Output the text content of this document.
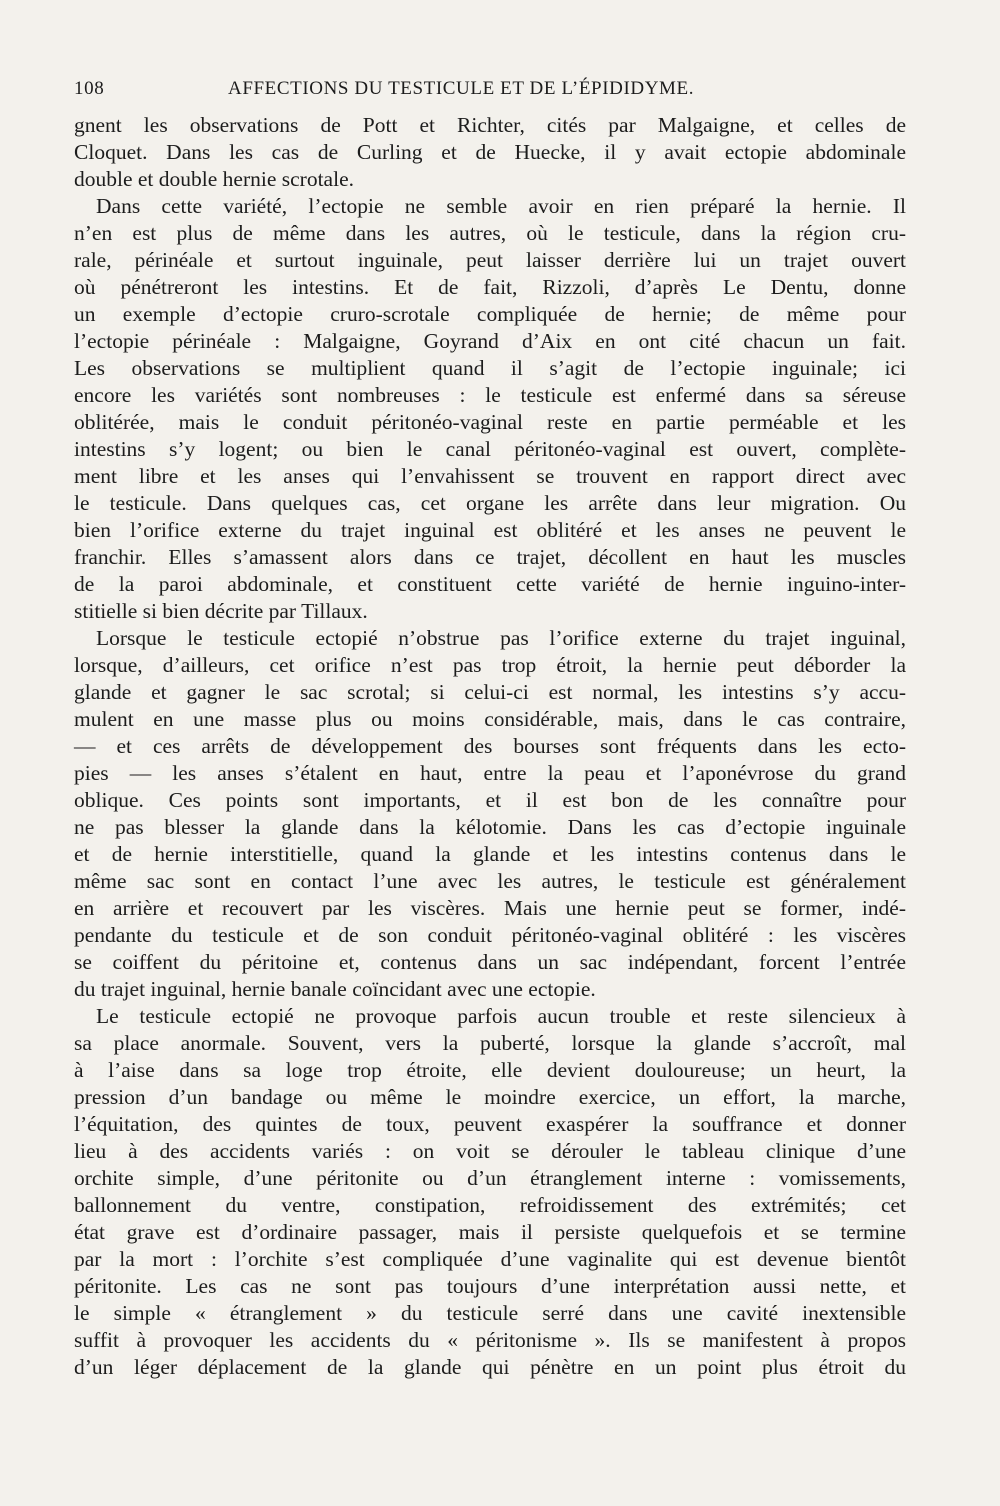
108	AFFECTIONS DU TESTICULE ET DE L’ÉPIDIDYME.
gnent les observations de Pott et Richter, cités par Malgaigne, et celles de
Cloquet. Dans les cas de Curling et de Huecke, il y avait ectopie abdominale
double et double hernie scrotale.
Dans cette variété, l’ectopie ne semble avoir en rien préparé la hernie. Il
n’en est plus de même dans les autres, où le testicule, dans la région cru-
rale, périnéale et surtout inguinale, peut laisser derrière lui un trajet ouvert
où pénétreront les intestins. Et de fait, Rizzoli, d’après Le Dentu, donne
un exemple d’ectopie cruro-scrotale compliquée de hernie; de même pour
l’ectopie périnéale : Malgaigne, Goyrand d’Aix en ont cité chacun un fait.
Les observations se multiplient quand il s’agit de l’ectopie inguinale; ici
encore les variétés sont nombreuses : le testicule est enfermé dans sa séreuse
oblitérée, mais le conduit péritonéo-vaginal reste en partie perméable et les
intestins s’y logent; ou bien le canal péritonéo-vaginal est ouvert, complète-
ment libre et les anses qui l’envahissent se trouvent en rapport direct avec
le testicule. Dans quelques cas, cet organe les arrête dans leur migration. Ou
bien l’orifice externe du trajet inguinal est oblitéré et les anses ne peuvent le
franchir. Elles s’amassent alors dans ce trajet, décollent en haut les muscles
de la paroi abdominale, et constituent cette variété de hernie inguino-inter-
stitielle si bien décrite par Tillaux.
Lorsque le testicule ectopié n’obstrue pas l’orifice externe du trajet inguinal,
lorsque, d’ailleurs, cet orifice n’est pas trop étroit, la hernie peut déborder la
glande et gagner le sac scrotal; si celui-ci est normal, les intestins s’y accu-
mulent en une masse plus ou moins considérable, mais, dans le cas contraire,
— et ces arrêts de développement des bourses sont fréquents dans les ecto-
pies — les anses s’étalent en haut, entre la peau et l’aponévrose du grand
oblique. Ces points sont importants, et il est bon de les connaître pour
ne pas blesser la glande dans la kélotomie. Dans les cas d’ectopie inguinale
et de hernie interstitielle, quand la glande et les intestins contenus dans le
même sac sont en contact l’une avec les autres, le testicule est généralement
en arrière et recouvert par les viscères. Mais une hernie peut se former, indé-
pendante du testicule et de son conduit péritonéo-vaginal oblitéré : les viscères
se coiffent du péritoine et, contenus dans un sac indépendant, forcent l’entrée
du trajet inguinal, hernie banale coïncidant avec une ectopie.
Le testicule ectopié ne provoque parfois aucun trouble et reste silencieux à
sa place anormale. Souvent, vers la puberté, lorsque la glande s’accroît, mal
à l’aise dans sa loge trop étroite, elle devient douloureuse; un heurt, la
pression d’un bandage ou même le moindre exercice, un effort, la marche,
l’équitation, des quintes de toux, peuvent exaspérer la souffrance et donner
lieu à des accidents variés : on voit se dérouler le tableau clinique d’une
orchite simple, d’une péritonite ou d’un étranglement interne : vomissements,
ballonnement du ventre, constipation, refroidissement des extrémités; cet
état grave est d’ordinaire passager, mais il persiste quelquefois et se termine
par la mort : l’orchite s’est compliquée d’une vaginalite qui est devenue bientôt
péritonite. Les cas ne sont pas toujours d’une interprétation aussi nette, et
le simple « étranglement » du testicule serré dans une cavité inextensible
suffit à provoquer les accidents du « péritonisme ». Ils se manifestent à propos
d’un léger déplacement de la glande qui pénètre en un point plus étroit du
